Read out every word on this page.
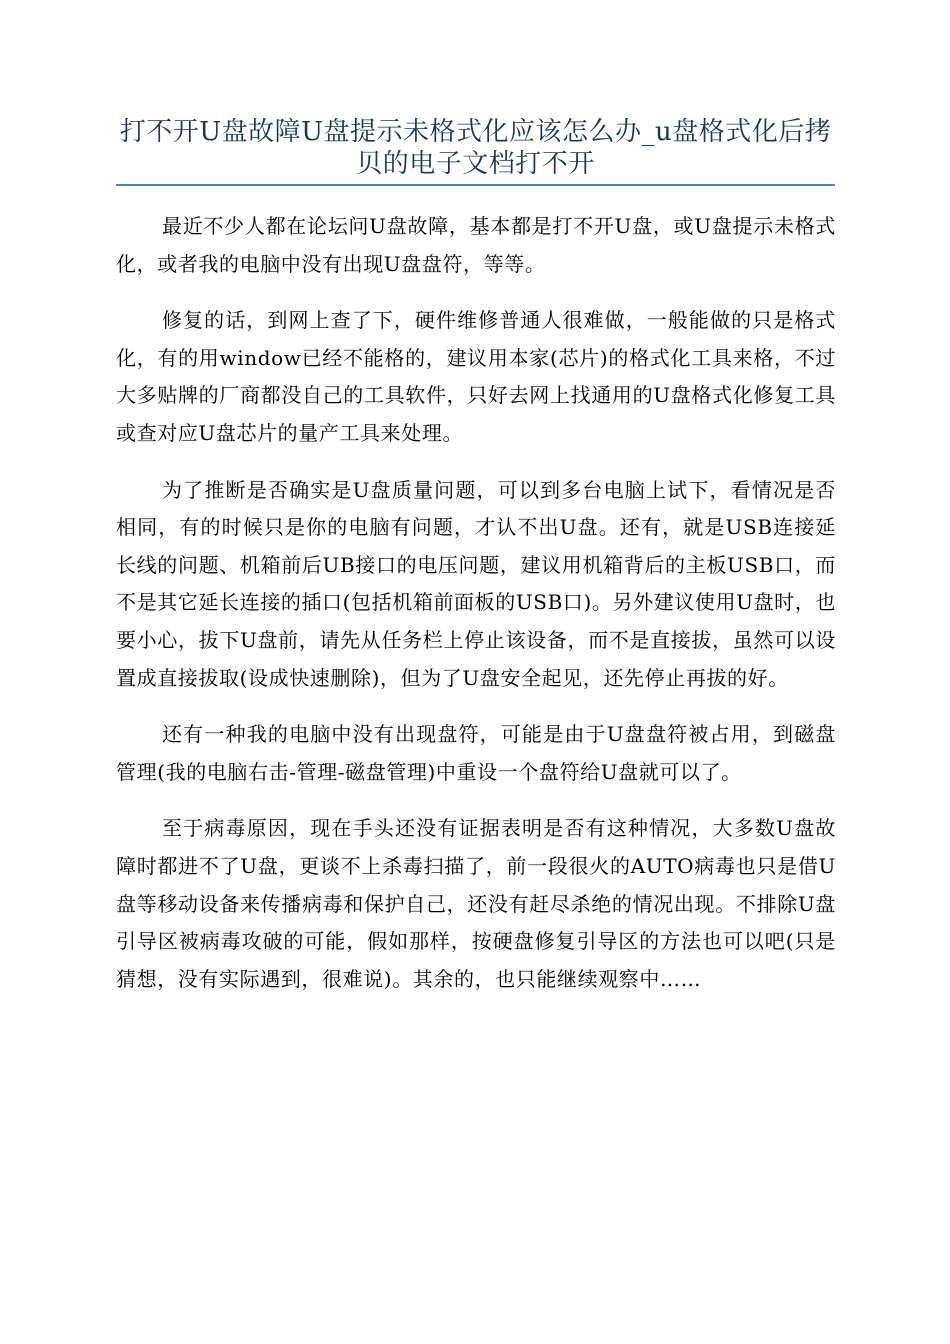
打不开U盘故障U盘提示未格式化应该怎么办_u盘格式化后拷贝的电子文档打不开

最近不少人都在论坛问U盘故障，基本都是打不开U盘，或U盘提示未格式化，或者我的电脑中没有出现U盘盘符，等等。

修复的话，到网上查了下，硬件维修普通人很难做，一般能做的只是格式化，有的用window已经不能格的，建议用本家(芯片)的格式化工具来格，不过大多贴牌的厂商都没自己的工具软件，只好去网上找通用的U盘格式化修复工具或查对应U盘芯片的量产工具来处理。

为了推断是否确实是U盘质量问题，可以到多台电脑上试下，看情况是否相同，有的时候只是你的电脑有问题，才认不出U盘。还有，就是USB连接延长线的问题、机箱前后UB接口的电压问题，建议用机箱背后的主板USB口，而不是其它延长连接的插口(包括机箱前面板的USB口)。另外建议使用U盘时，也要小心，拔下U盘前，请先从任务栏上停止该设备，而不是直接拔，虽然可以设置成直接拔取(设成快速删除)，但为了U盘安全起见，还先停止再拔的好。

还有一种我的电脑中没有出现盘符，可能是由于U盘盘符被占用，到磁盘管理(我的电脑右击-管理-磁盘管理)中重设一个盘符给U盘就可以了。

至于病毒原因，现在手头还没有证据表明是否有这种情况，大多数U盘故障时都进不了U盘，更谈不上杀毒扫描了，前一段很火的AUTO病毒也只是借U盘等移动设备来传播病毒和保护自己，还没有赶尽杀绝的情况出现。不排除U盘引导区被病毒攻破的可能，假如那样，按硬盘修复引导区的方法也可以吧(只是猜想，没有实际遇到，很难说)。其余的，也只能继续观察中……
